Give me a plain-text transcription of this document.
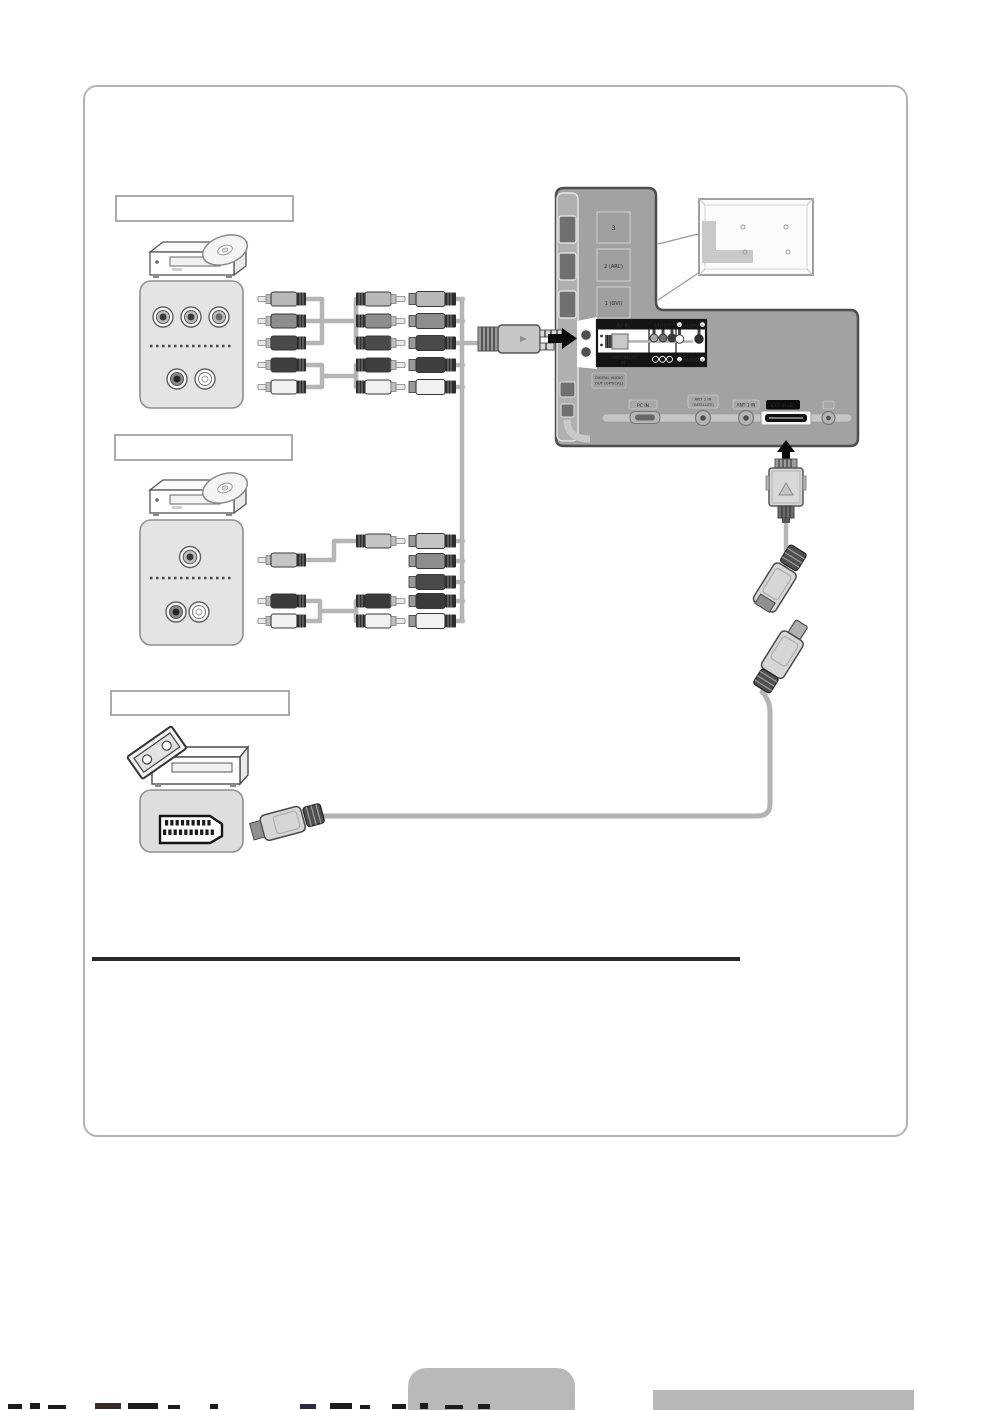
3
2 (ARC)
1 (DVI)
AV IN	VIDEO	L AUDIO R
COMPONENT
IN
Y PB PR L AUDIO R
DIGITAL AUDIO
OUT (OPTICAL)
PC IN
ANT 2 IN
(SATELLITE)	ANT 1 IN	EXT (RGB)
